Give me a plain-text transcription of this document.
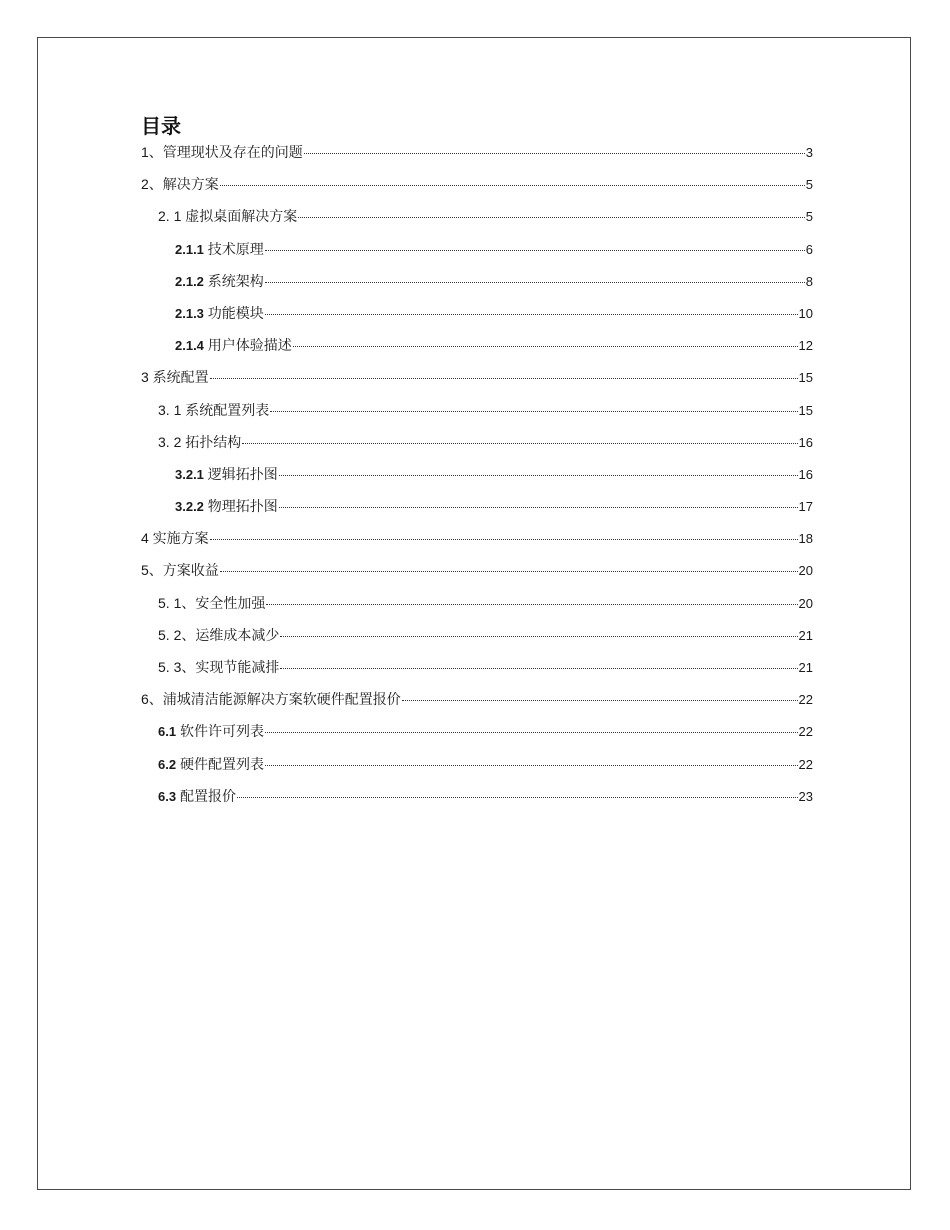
目录
1、管理现状及存在的问题	3
2、解决方案	5
2. 1 虚拟桌面解决方案	5
2.1.1 技术原理	6
2.1.2 系统架构	8
2.1.3 功能模块	10
2.1.4 用户体验描述	12
3 系统配置	15
3. 1 系统配置列表	15
3. 2 拓扑结构	16
3.2.1 逻辑拓扑图	16
3.2.2 物理拓扑图	17
4 实施方案	18
5、方案收益	20
5. 1、安全性加强	20
5. 2、运维成本减少	21
5. 3、实现节能减排	21
6、浦城清洁能源解决方案软硬件配置报价	22
6.1 软件许可列表	22
6.2 硬件配置列表	22
6.3 配置报价	23
